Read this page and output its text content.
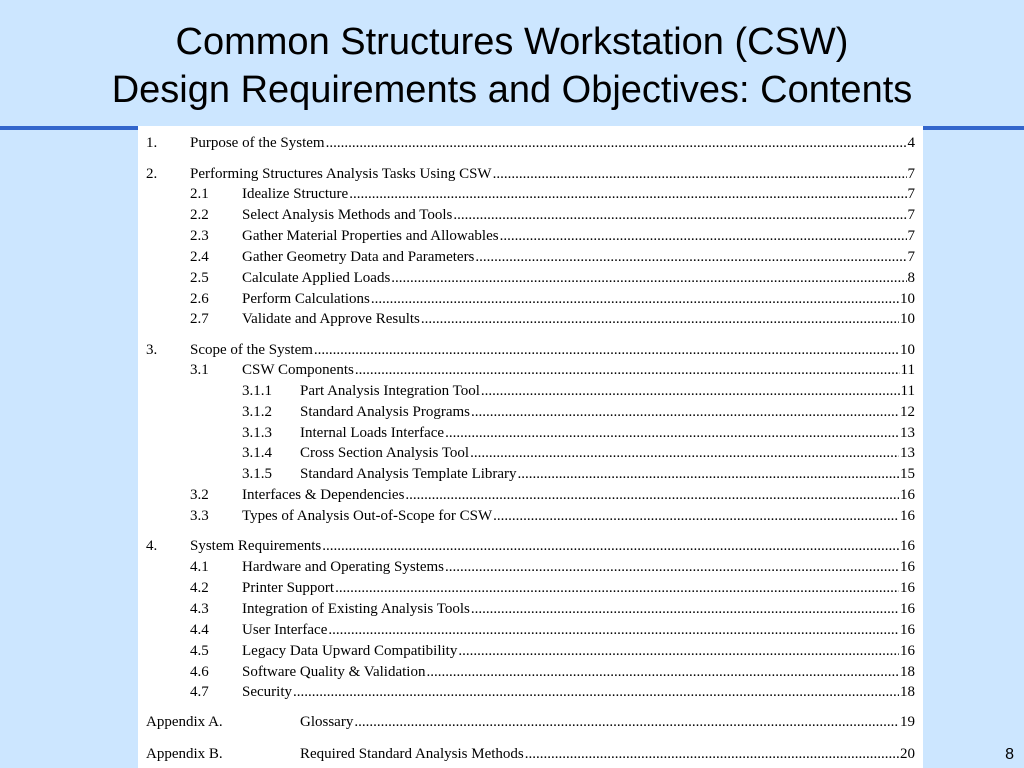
Common Structures Workstation (CSW)
Design Requirements and Objectives: Contents
1.	Purpose of the System .....	4
2.	Performing Structures Analysis Tasks Using CSW .....	7
2.1	Idealize Structure .....	7
2.2	Select Analysis Methods and Tools .....	7
2.3	Gather Material Properties and Allowables .....	7
2.4	Gather Geometry Data and Parameters .....	7
2.5	Calculate Applied Loads .....	8
2.6	Perform Calculations .....	10
2.7	Validate and Approve Results .....	10
3.	Scope of the System .....	10
3.1	CSW Components .....	11
3.1.1	Part Analysis Integration Tool .....	11
3.1.2	Standard Analysis Programs .....	12
3.1.3	Internal Loads Interface .....	13
3.1.4	Cross Section Analysis Tool .....	13
3.1.5	Standard Analysis Template Library .....	15
3.2	Interfaces & Dependencies .....	16
3.3	Types of Analysis Out-of-Scope for CSW .....	16
4.	System Requirements .....	16
4.1	Hardware and Operating Systems .....	16
4.2	Printer Support .....	16
4.3	Integration of Existing Analysis Tools .....	16
4.4	User Interface .....	16
4.5	Legacy Data Upward Compatibility .....	16
4.6	Software Quality & Validation .....	18
4.7	Security .....	18
Appendix A.	Glossary .....	19
Appendix B.	Required Standard Analysis Methods .....	20	8
